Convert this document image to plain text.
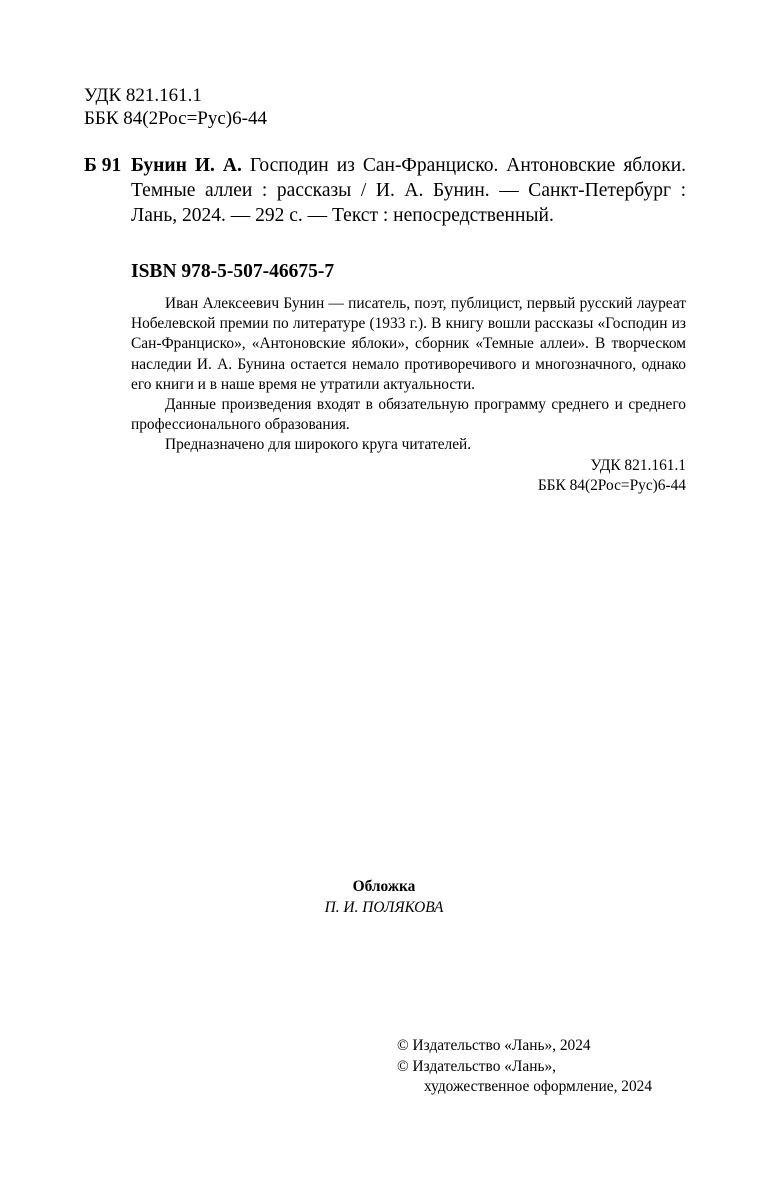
УДК 821.161.1
ББК 84(2Рос=Рус)6-44
Б 91 Бунин И. А. Господин из Сан-Франциско. Антоновские яблоки. Темные аллеи : рассказы / И. А. Бунин. — Санкт-Петербург : Лань, 2024. — 292 с. — Текст : непосредственный.
ISBN 978-5-507-46675-7

Иван Алексеевич Бунин — писатель, поэт, публицист, первый русский лауреат Нобелевской премии по литературе (1933 г.). В книгу вошли рассказы «Господин из Сан-Франциско», «Антоновские яблоки», сборник «Темные аллеи». В творческом наследии И. А. Бунина остается немало противоречивого и многозначного, однако его книги и в наше время не утратили актуальности.

Данные произведения входят в обязательную программу среднего и среднего профессионального образования.

Предназначено для широкого круга читателей.

УДК 821.161.1
ББК 84(2Рос=Рус)6-44
Обложка
П. И. ПОЛЯКОВА
© Издательство «Лань», 2024
© Издательство «Лань»,
художественное оформление, 2024
